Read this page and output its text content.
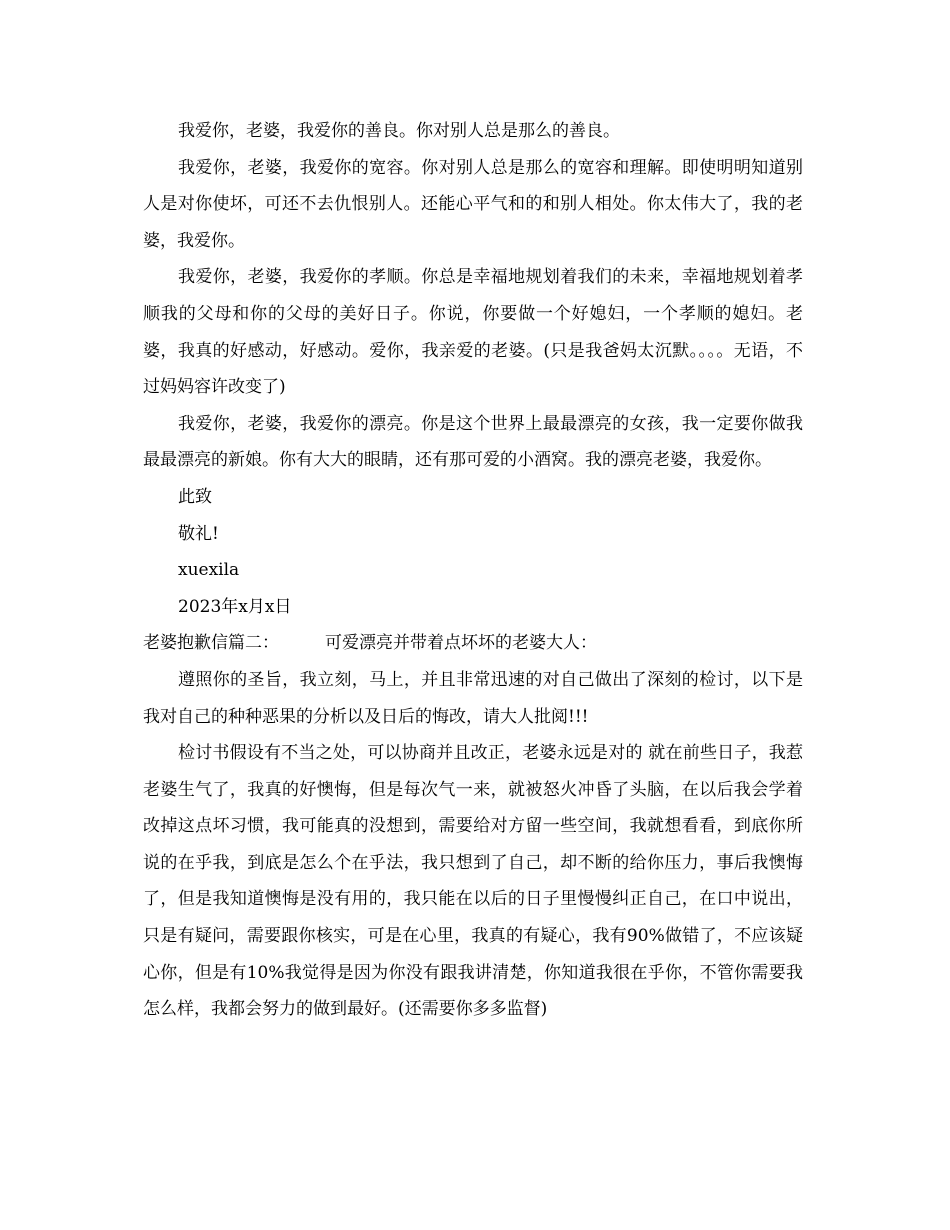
我爱你，老婆，我爱你的善良。你对别人总是那么的善良。

我爱你，老婆，我爱你的宽容。你对别人总是那么的宽容和理解。即使明明知道别人是对你使坏，可还不去仇恨别人。还能心平气和的和别人相处。你太伟大了，我的老婆，我爱你。

我爱你，老婆，我爱你的孝顺。你总是幸福地规划着我们的未来，幸福地规划着孝顺我的父母和你的父母的美好日子。你说，你要做一个好媳妇，一个孝顺的媳妇。老婆，我真的好感动，好感动。爱你，我亲爱的老婆。(只是我爸妈太沉默。。。。无语，不过妈妈容许改变了)

我爱你，老婆，我爱你的漂亮。你是这个世界上最最漂亮的女孩，我一定要你做我最最漂亮的新娘。你有大大的眼睛，还有那可爱的小酒窝。我的漂亮老婆，我爱你。

此致

敬礼!

xuexila

2023年x月x日

老婆抱歉信篇二：	可爱漂亮并带着点坏坏的老婆大人：

遵照你的圣旨，我立刻，马上，并且非常迅速的对自己做出了深刻的检讨，以下是我对自己的种种恶果的分析以及日后的悔改，请大人批阅!!!

检讨书假设有不当之处，可以协商并且改正，老婆永远是对的 就在前些日子，我惹老婆生气了，我真的好懊悔，但是每次气一来，就被怒火冲昏了头脑，在以后我会学着改掉这点坏习惯，我可能真的没想到，需要给对方留一些空间，我就想看看，到底你所说的在乎我，到底是怎么个在乎法，我只想到了自己，却不断的给你压力，事后我懊悔了，但是我知道懊悔是没有用的，我只能在以后的日子里慢慢纠正自己，在口中说出，只是有疑问，需要跟你核实，可是在心里，我真的有疑心，我有90%做错了，不应该疑心你，但是有10%我觉得是因为你没有跟我讲清楚，你知道我很在乎你，不管你需要我怎么样，我都会努力的做到最好。(还需要你多多监督)
